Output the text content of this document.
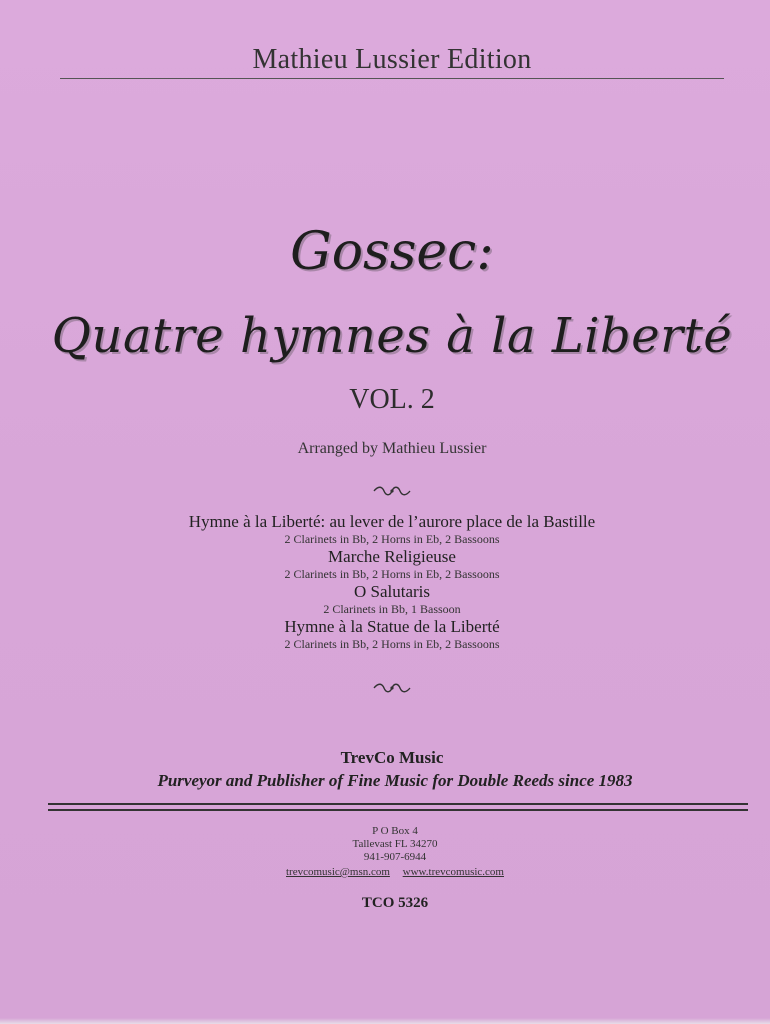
Mathieu Lussier Edition
Gossec:
Quatre hymnes à la Liberté
VOL. 2
Arranged by Mathieu Lussier
Hymne à la Liberté: au lever de l’aurore place de la Bastille
2 Clarinets in Bb, 2 Horns in Eb, 2 Bassoons
Marche Religieuse
2 Clarinets in Bb, 2 Horns in Eb, 2 Bassoons
O Salutaris
2 Clarinets in Bb, 1 Bassoon
Hymne à la Statue de la Liberté
2 Clarinets in Bb, 2 Horns in Eb, 2 Bassoons
TrevCo Music
Purveyor and Publisher of Fine Music for Double Reeds since 1983
P O Box 4
Tallevast FL 34270
941-907-6944
trevcomusic@msn.com www.trevcomusic.com
TCO 5326
